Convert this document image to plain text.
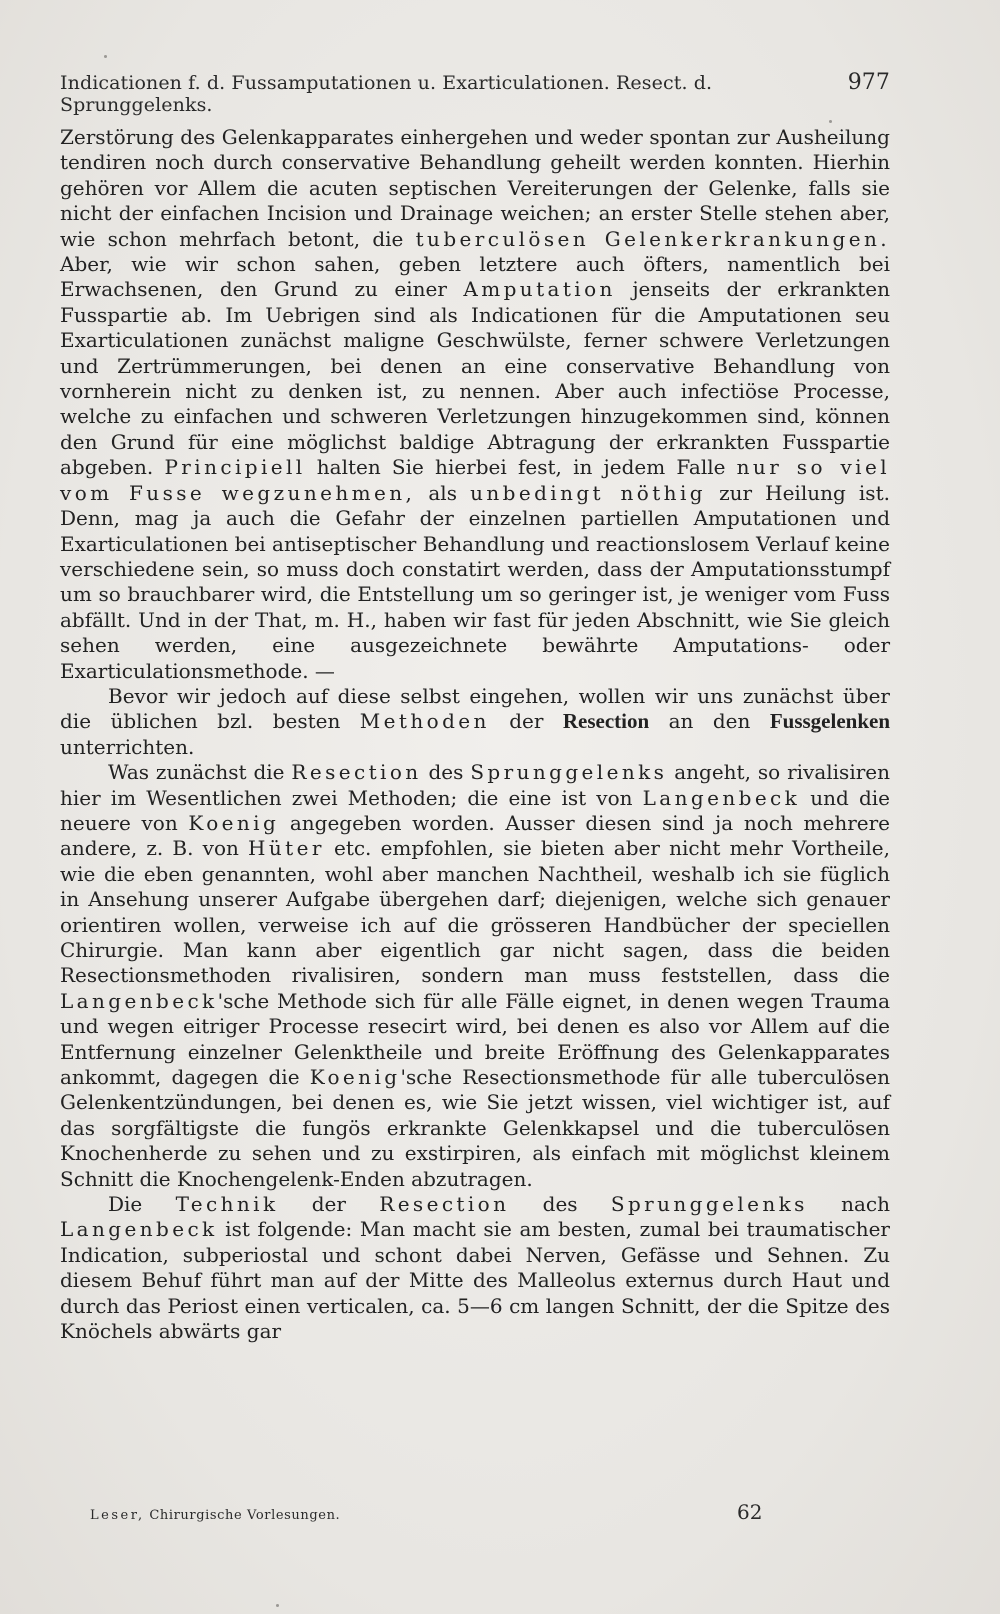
Indicationen f. d. Fussamputationen u. Exarticulationen. Resect. d. Sprunggelenks.
977

Zerstörung des Gelenkapparates einhergehen und weder spontan zur Ausheilung tendiren noch durch conservative Behandlung geheilt werden konnten. Hierhin gehören vor Allem die acuten septischen Vereiterungen der Gelenke, falls sie nicht der einfachen Incision und Drainage weichen; an erster Stelle stehen aber, wie schon mehrfach betont, die tuberculösen Gelenkerkrankungen. Aber, wie wir schon sahen, geben letztere auch öfters, namentlich bei Erwachsenen, den Grund zu einer Amputation jenseits der erkrankten Fusspartie ab. Im Uebrigen sind als Indicationen für die Amputationen seu Exarticulationen zunächst maligne Geschwülste, ferner schwere Verletzungen und Zertrümmerungen, bei denen an eine conservative Behandlung von vornherein nicht zu denken ist, zu nennen. Aber auch infectiöse Processe, welche zu einfachen und schweren Verletzungen hinzugekommen sind, können den Grund für eine möglichst baldige Abtragung der erkrankten Fusspartie abgeben. Principiell halten Sie hierbei fest, in jedem Falle nur so viel vom Fusse wegzunehmen, als unbedingt nöthig zur Heilung ist. Denn, mag ja auch die Gefahr der einzelnen partiellen Amputationen und Exarticulationen bei antiseptischer Behandlung und reactionslosem Verlauf keine verschiedene sein, so muss doch constatirt werden, dass der Amputationsstumpf um so brauchbarer wird, die Entstellung um so geringer ist, je weniger vom Fuss abfällt. Und in der That, m. H., haben wir fast für jeden Abschnitt, wie Sie gleich sehen werden, eine ausgezeichnete bewährte Amputations- oder Exarticulationsmethode. —

Bevor wir jedoch auf diese selbst eingehen, wollen wir uns zunächst über die üblichen bzl. besten Methoden der Resection an den Fussgelenken unterrichten.

Was zunächst die Resection des Sprunggelenks angeht, so rivalisiren hier im Wesentlichen zwei Methoden; die eine ist von Langenbeck und die neuere von Koenig angegeben worden. Ausser diesen sind ja noch mehrere andere, z. B. von Hüter etc. empfohlen, sie bieten aber nicht mehr Vortheile, wie die eben genannten, wohl aber manchen Nachtheil, weshalb ich sie füglich in Ansehung unserer Aufgabe übergehen darf; diejenigen, welche sich genauer orientiren wollen, verweise ich auf die grösseren Handbücher der speciellen Chirurgie. Man kann aber eigentlich gar nicht sagen, dass die beiden Resectionsmethoden rivalisiren, sondern man muss feststellen, dass die Langenbeck'sche Methode sich für alle Fälle eignet, in denen wegen Trauma und wegen eitriger Processe resecirt wird, bei denen es also vor Allem auf die Entfernung einzelner Gelenktheile und breite Eröffnung des Gelenkapparates ankommt, dagegen die Koenig'sche Resectionsmethode für alle tuberculösen Gelenkentzündungen, bei denen es, wie Sie jetzt wissen, viel wichtiger ist, auf das sorgfältigste die fungös erkrankte Gelenkkapsel und die tuberculösen Knochenherde zu sehen und zu exstirpiren, als einfach mit möglichst kleinem Schnitt die Knochengelenk-Enden abzutragen.

Die Technik der Resection des Sprunggelenks nach Langenbeck ist folgende: Man macht sie am besten, zumal bei traumatischer Indication, subperiostal und schont dabei Nerven, Gefässe und Sehnen. Zu diesem Behuf führt man auf der Mitte des Malleolus externus durch Haut und durch das Periost einen verticalen, ca. 5—6 cm langen Schnitt, der die Spitze des Knöchels abwärts gar

Leser, Chirurgische Vorlesungen.	62
